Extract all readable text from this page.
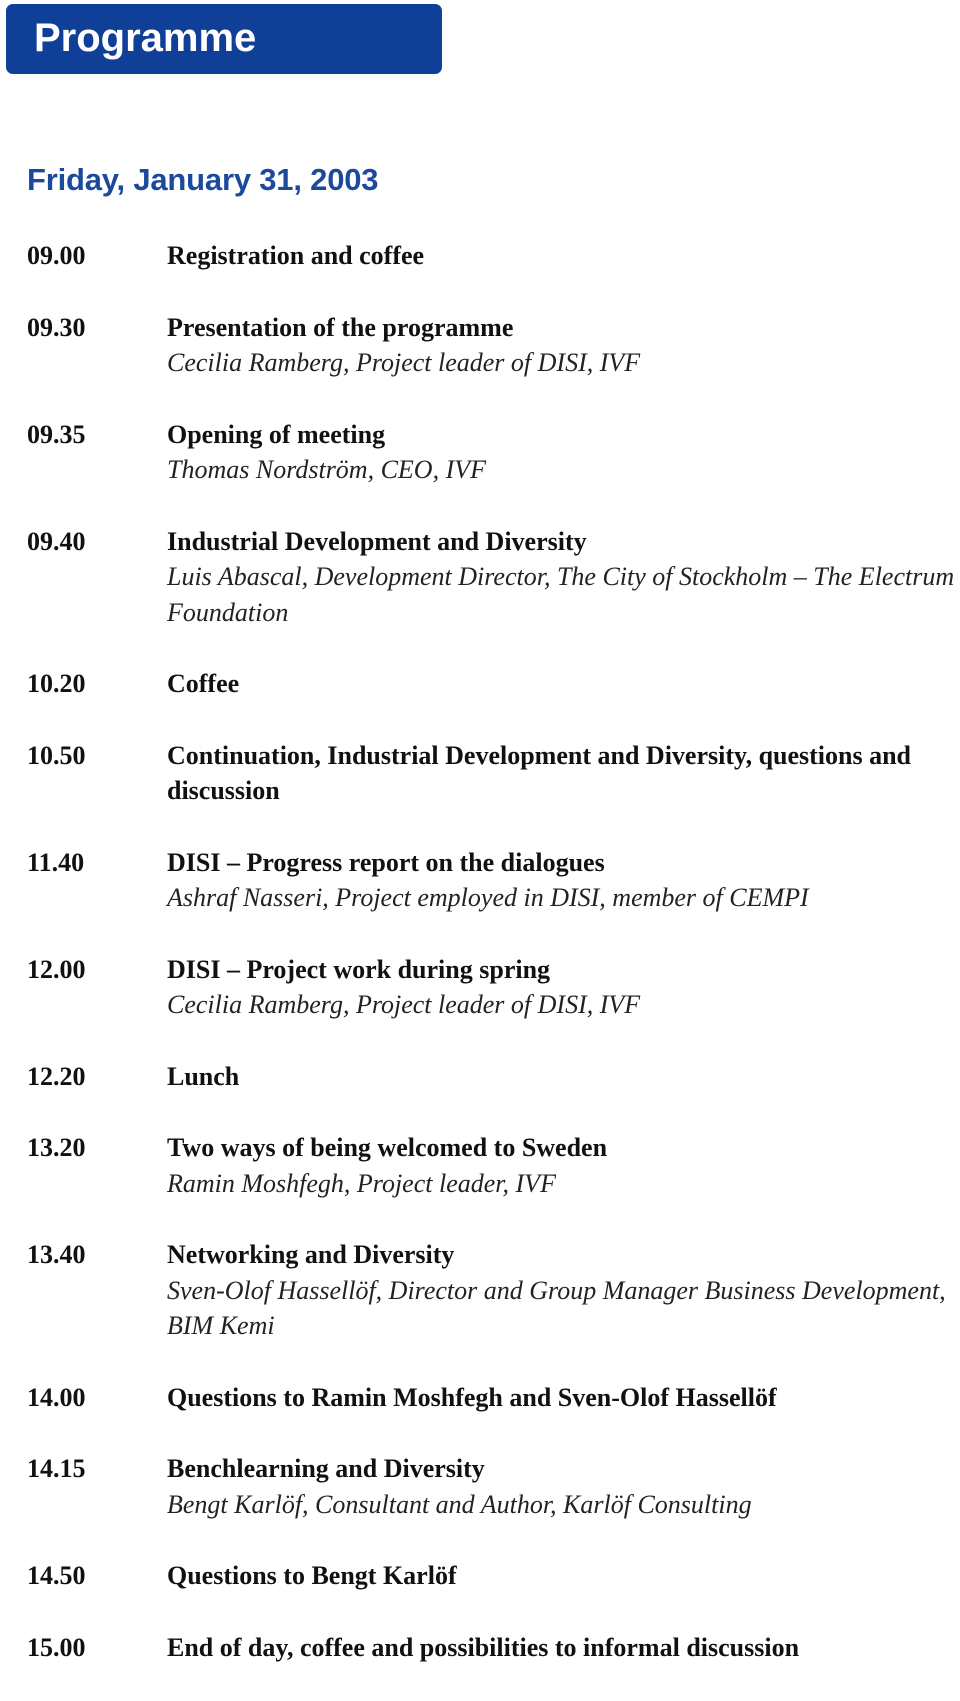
Programme
Friday, January 31, 2003
09.00	Registration and coffee
09.30	Presentation of the programme
Cecilia Ramberg, Project leader of DISI, IVF
09.35	Opening of meeting
Thomas Nordström, CEO, IVF
09.40	Industrial Development and Diversity
Luis Abascal, Development Director, The City of Stockholm – The Electrum Foundation
10.20	Coffee
10.50	Continuation, Industrial Development and Diversity, questions and discussion
11.40	DISI – Progress report on the dialogues
Ashraf Nasseri, Project employed in DISI, member of CEMPI
12.00	DISI – Project work during spring
Cecilia Ramberg, Project leader of DISI, IVF
12.20	Lunch
13.20	Two ways of being welcomed to Sweden
Ramin Moshfegh, Project leader, IVF
13.40	Networking and Diversity
Sven-Olof Hassellöf, Director and Group Manager Business Development, BIM Kemi
14.00	Questions to Ramin Moshfegh and Sven-Olof Hassellöf
14.15	Benchlearning and Diversity
Bengt Karlöf, Consultant and Author, Karlöf Consulting
14.50	Questions to Bengt Karlöf
15.00	End of day, coffee and possibilities to informal discussion
